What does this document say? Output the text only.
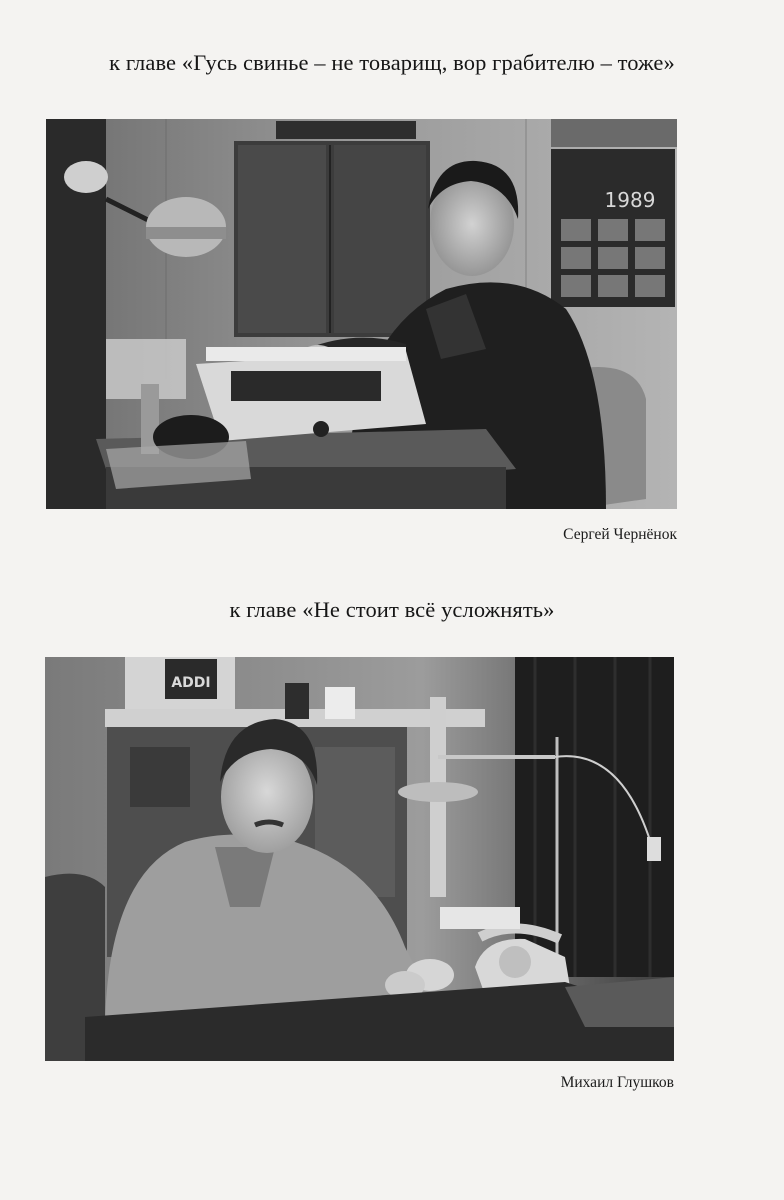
к главе «Гусь свинье – не товарищ, вор грабителю – тоже»
1989
Сергей Чернёнок
к главе «Не стоит всё усложнять»
ADDI
Михаил Глушков
